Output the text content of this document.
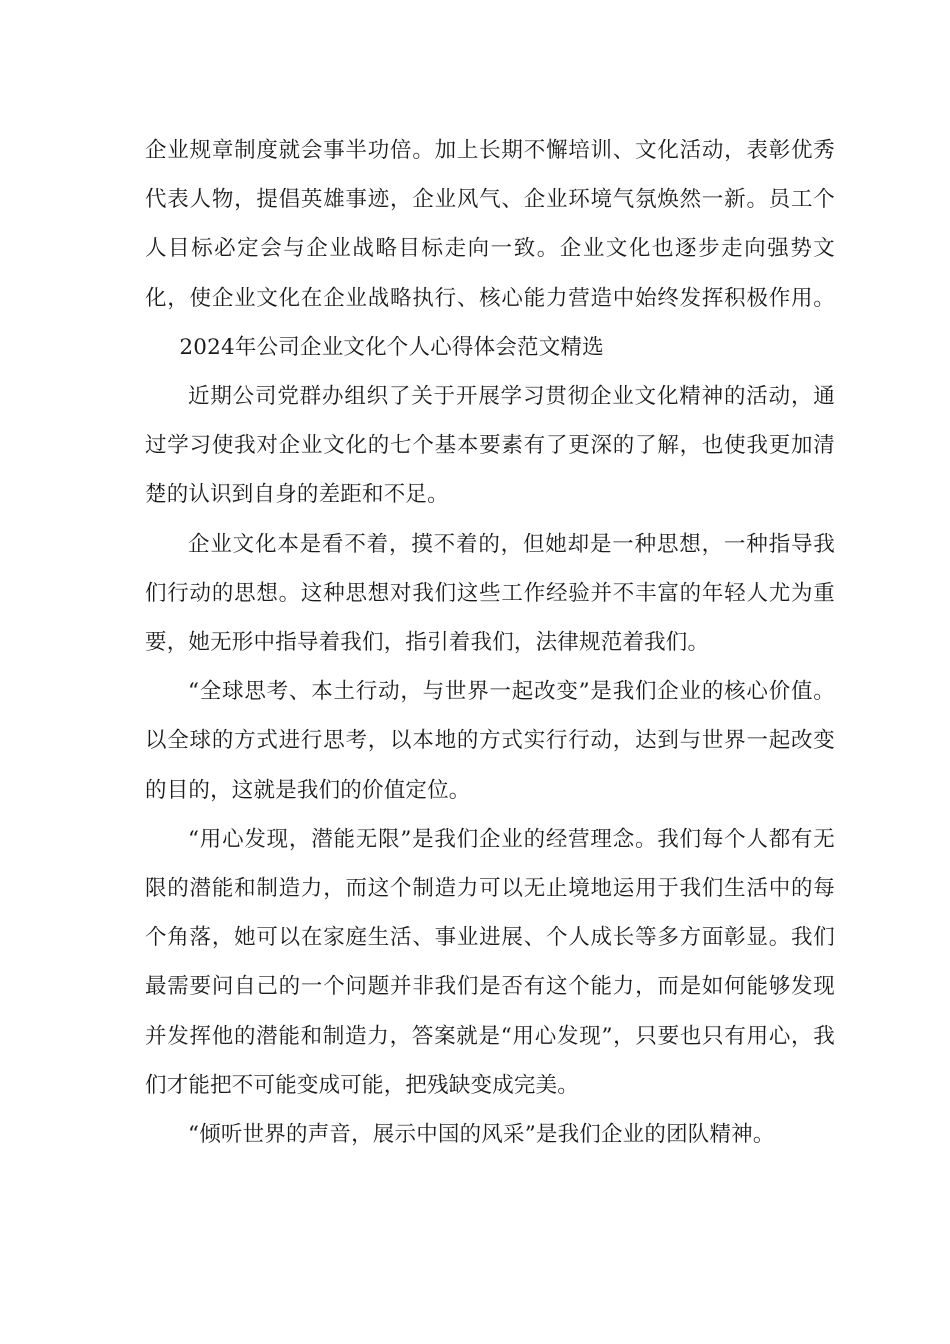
企业规章制度就会事半功倍。加上长期不懈培训、文化活动，表彰优秀代表人物，提倡英雄事迹，企业风气、企业环境气氛焕然一新。员工个人目标必定会与企业战略目标走向一致。企业文化也逐步走向强势文化，使企业文化在企业战略执行、核心能力营造中始终发挥积极作用。2024年公司企业文化个人心得体会范文精选

近期公司党群办组织了关于开展学习贯彻企业文化精神的活动，通过学习使我对企业文化的七个基本要素有了更深的了解，也使我更加清楚的认识到自身的差距和不足。

企业文化本是看不着，摸不着的，但她却是一种思想，一种指导我们行动的思想。这种思想对我们这些工作经验并不丰富的年轻人尤为重要，她无形中指导着我们，指引着我们，法律规范着我们。

“全球思考、本土行动，与世界一起改变”是我们企业的核心价值。以全球的方式进行思考，以本地的方式实行行动，达到与世界一起改变的目的，这就是我们的价值定位。

“用心发现，潜能无限”是我们企业的经营理念。我们每个人都有无限的潜能和制造力，而这个制造力可以无止境地运用于我们生活中的每个角落，她可以在家庭生活、事业进展、个人成长等多方面彰显。我们最需要问自己的一个问题并非我们是否有这个能力，而是如何能够发现并发挥他的潜能和制造力，答案就是“用心发现”，只要也只有用心，我们才能把不可能变成可能，把残缺变成完美。

“倾听世界的声音，展示中国的风采”是我们企业的团队精神。
